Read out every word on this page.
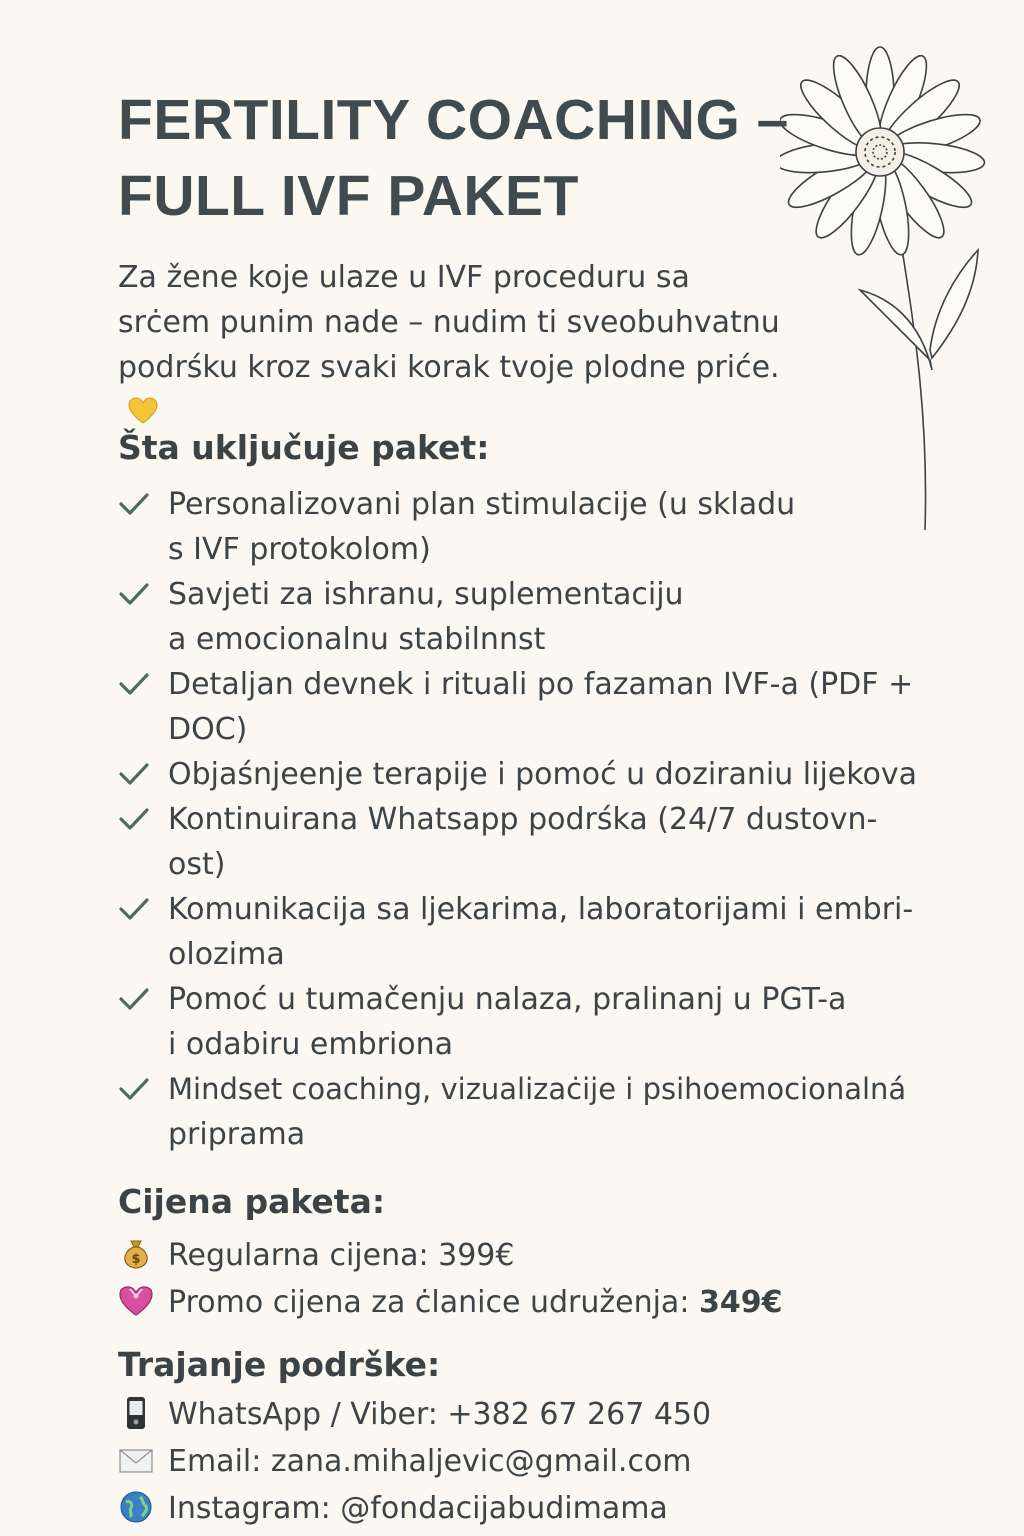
FERTILITY COACHING –
FULL IVF PAKET

Za žene koje ulaze u IVF proceduru sa
srċem punim nade – nudim ti sveobuhvatnu
podrśku kroz svaki korak tvoje plodne priće.

Šta uključuje paket:
Personalizovani plan stimulacije (u skladu
s IVF protokolom)
Savjeti za ishranu, suplementaciju
a emocionalnu stabilnnst
Detaljan devnek i rituali po fazaman IVF-a (PDF +
DOC)
Objaśnjeenje terapije i pomoć u doziraniu lijekova
Kontinuirana Whatsapp podrśka (24/7 dustovn-
ost)
Komunikacija sa ljekarima, laboratorijami i embri-
olozima
Pomoć u tumačenju nalaza, pralinanj u PGT-a
i odabiru embriona
Mindset coaching, vizualizaċije i psihoemocionalná
priprama
Cijena paketa:
$ Regularna cijena: 399€
Promo cijena za ċlanice udruženja: 349€
Trajanje podrške:
WhatsApp / Viber: +382 67 267 450
Email: zana.mihaljevic@gmail.com
Instagram: @fondacijabudimama
